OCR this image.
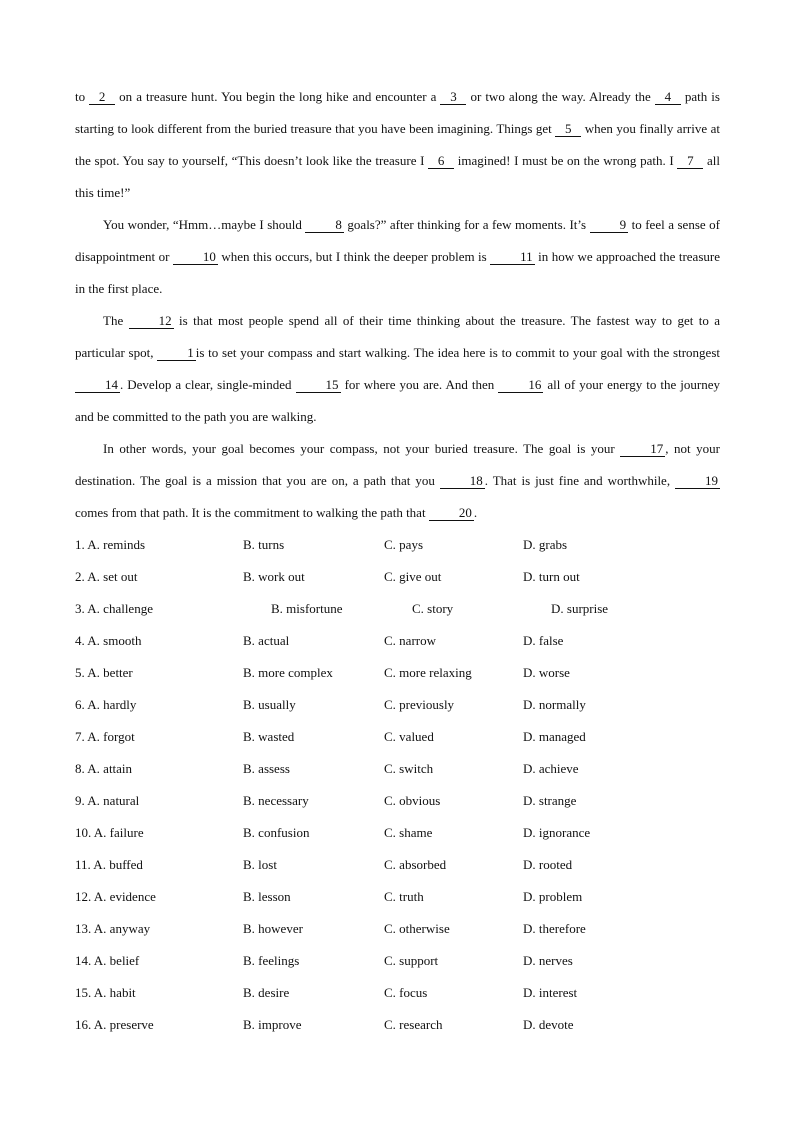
to 2 on a treasure hunt. You begin the long hike and encounter a 3 or two along the way. Already the 4 path is starting to look different from the buried treasure that you have been imagining. Things get 5 when you finally arrive at the spot. You say to yourself, “This doesn’t look like the treasure I 6 imagined! I must be on the wrong path. I 7 all this time!”

You wonder, “Hmm…maybe I should 8 goals?” after thinking for a few moments. It’s 9 to feel a sense of disappointment or 10 when this occurs, but I think the deeper problem is 11 in how we approached the treasure in the first place.

The 12 is that most people spend all of their time thinking about the treasure. The fastest way to get to a particular spot, 1 is to set your compass and start walking. The idea here is to commit to your goal with the strongest 14 . Develop a clear, single-minded 15 for where you are. And then 16 all of your energy to the journey and be committed to the path you are walking.

In other words, your goal becomes your compass, not your buried treasure. The goal is your 17 , not your destination. The goal is a mission that you are on, a path that you 18 . That is just fine and worthwhile, 19 comes from that path. It is the commitment to walking the path that 20 .

1. A. reminds	B. turns	C. pays	D. grabs
2. A. set out	B. work out	C. give out	D. turn out
3. A. challenge	B. misfortune	C. story	D. surprise
4. A. smooth	B. actual	C. narrow	D. false
5. A. better	B. more complex	C. more relaxing	D. worse
6. A. hardly	B. usually	C. previously	D. normally
7. A. forgot	B. wasted	C. valued	D. managed
8. A. attain	B. assess	C. switch	D. achieve
9. A. natural	B. necessary	C. obvious	D. strange
10. A. failure	B. confusion	C. shame	D. ignorance
11. A. buffed	B. lost	C. absorbed	D. rooted
12. A. evidence	B. lesson	C. truth	D. problem
13. A. anyway	B. however	C. otherwise	D. therefore
14. A. belief	B. feelings	C. support	D. nerves
15. A. habit	B. desire	C. focus	D. interest
16. A. preserve	B. improve	C. research	D. devote
